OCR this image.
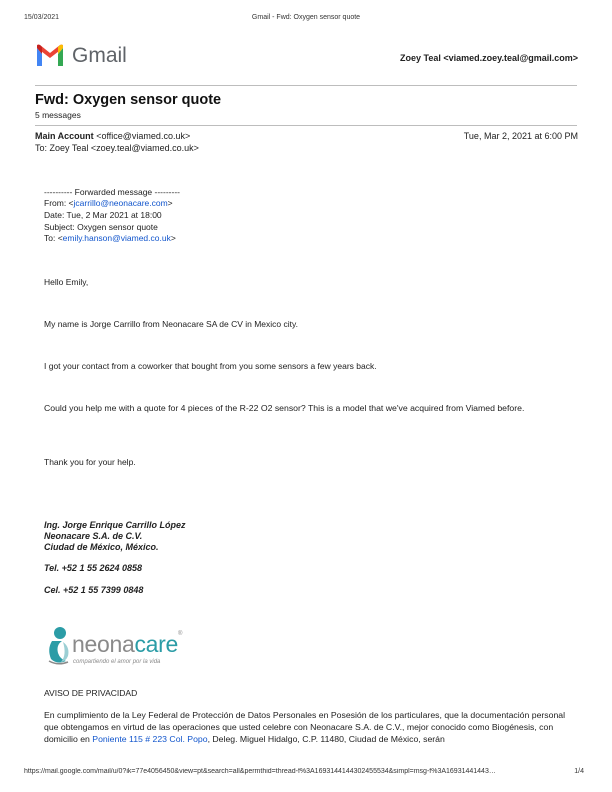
15/03/2021	Gmail - Fwd: Oxygen sensor quote
Gmail	Zoey Teal <viamed.zoey.teal@gmail.com>
Fwd: Oxygen sensor quote
5 messages
Main Account <office@viamed.co.uk>	Tue, Mar 2, 2021 at 6:00 PM
To: Zoey Teal <zoey.teal@viamed.co.uk>
---------- Forwarded message ---------
From: <jcarrillo@neonacare.com>
Date: Tue, 2 Mar 2021 at 18:00
Subject: Oxygen sensor quote
To: <emily.hanson@viamed.co.uk>
Hello Emily,
My name is Jorge Carrillo from Neonacare SA de CV in Mexico city.
I got your contact from a coworker that bought from you some sensors a few years back.
Could you help me with a quote for 4 pieces of the R-22 O2 sensor? This is a model that we've acquired from Viamed before.
Thank you for your help.
Ing. Jorge Enrique Carrillo López
Neonacare S.A. de C.V.
Ciudad de México, México.
Tel. +52 1 55 2624 0858
Cel. +52 1 55 7399 0848
neonacare®
compartiendo el amor por la vida
AVISO DE PRIVACIDAD
En cumplimiento de la Ley Federal de Protección de Datos Personales en Posesión de los particulares, que la documentación personal que obtengamos en virtud de las operaciones que usted celebre con Neonacare S.A. de C.V., mejor conocido como Biogénesis, con domicilio en Poniente 115 # 223 Col. Popo, Deleg. Miguel Hidalgo, C.P. 11480, Ciudad de México, serán
https://mail.google.com/mail/u/0?ik=77e4056450&view=pt&search=all&permthid=thread-f%3A1693144144302455534&simpl=msg-f%3A16931441443…	1/4
